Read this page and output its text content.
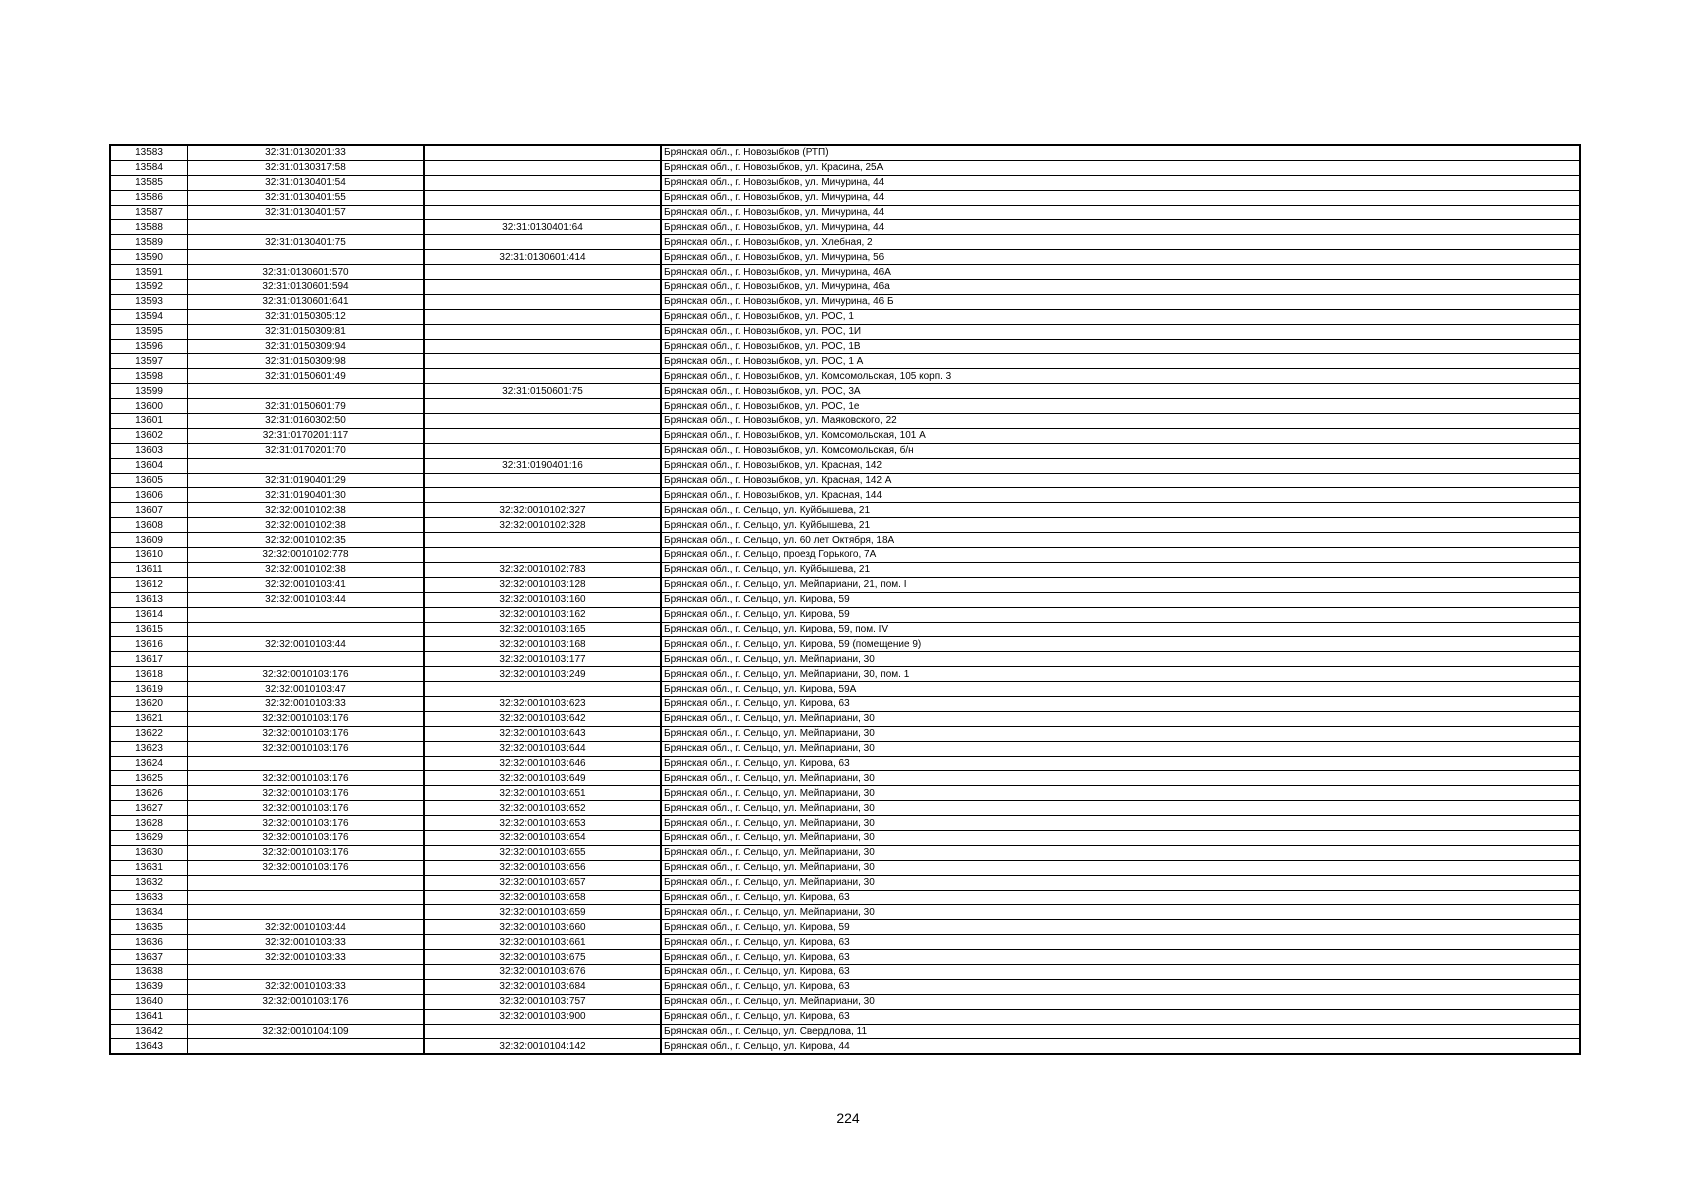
13583	32:31:0130201:33		Брянская обл., г. Новозыбков (РТП)
13584	32:31:0130317:58		Брянская обл., г. Новозыбков, ул. Красина, 25А
13585	32:31:0130401:54		Брянская обл., г. Новозыбков, ул. Мичурина, 44
13586	32:31:0130401:55		Брянская обл., г. Новозыбков, ул. Мичурина, 44
13587	32:31:0130401:57		Брянская обл., г. Новозыбков, ул. Мичурина, 44
13588		32:31:0130401:64	Брянская обл., г. Новозыбков, ул. Мичурина, 44
13589	32:31:0130401:75		Брянская обл., г. Новозыбков, ул. Хлебная, 2
13590		32:31:0130601:414	Брянская обл., г. Новозыбков, ул. Мичурина, 56
13591	32:31:0130601:570		Брянская обл., г. Новозыбков, ул. Мичурина, 46А
13592	32:31:0130601:594		Брянская обл., г. Новозыбков, ул. Мичурина, 46а
13593	32:31:0130601:641		Брянская обл., г. Новозыбков, ул. Мичурина, 46 Б
13594	32:31:0150305:12		Брянская обл., г. Новозыбков, ул. РОС, 1
13595	32:31:0150309:81		Брянская обл., г. Новозыбков, ул. РОС, 1И
13596	32:31:0150309:94		Брянская обл., г. Новозыбков, ул. РОС, 1В
13597	32:31:0150309:98		Брянская обл., г. Новозыбков, ул. РОС, 1 А
13598	32:31:0150601:49		Брянская обл., г. Новозыбков, ул. Комсомольская, 105 корп. 3
13599		32:31:0150601:75	Брянская обл., г. Новозыбков, ул. РОС, 3А
13600	32:31:0150601:79		Брянская обл., г. Новозыбков, ул. РОС, 1е
13601	32:31:0160302:50		Брянская обл., г. Новозыбков, ул. Маяковского, 22
13602	32:31:0170201:117		Брянская обл., г. Новозыбков, ул. Комсомольская, 101 А
13603	32:31:0170201:70		Брянская обл., г. Новозыбков, ул. Комсомольская, б/н
13604		32:31:0190401:16	Брянская обл., г. Новозыбков, ул. Красная, 142
13605	32:31:0190401:29		Брянская обл., г. Новозыбков, ул. Красная, 142 А
13606	32:31:0190401:30		Брянская обл., г. Новозыбков, ул. Красная, 144
13607	32:32:0010102:38	32:32:0010102:327	Брянская обл., г. Сельцо, ул. Куйбышева, 21
13608	32:32:0010102:38	32:32:0010102:328	Брянская обл., г. Сельцо, ул. Куйбышева, 21
13609	32:32:0010102:35		Брянская обл., г. Сельцо, ул. 60 лет Октября, 18А
13610	32:32:0010102:778		Брянская обл., г. Сельцо, проезд Горького, 7А
13611	32:32:0010102:38	32:32:0010102:783	Брянская обл., г. Сельцо, ул. Куйбышева, 21
13612	32:32:0010103:41	32:32:0010103:128	Брянская обл., г. Сельцо, ул. Мейпариани, 21, пом. I
13613	32:32:0010103:44	32:32:0010103:160	Брянская обл., г. Сельцо, ул. Кирова, 59
13614		32:32:0010103:162	Брянская обл., г. Сельцо, ул. Кирова, 59
13615		32:32:0010103:165	Брянская обл., г. Сельцо, ул. Кирова, 59, пом. IV
13616	32:32:0010103:44	32:32:0010103:168	Брянская обл., г. Сельцо, ул. Кирова, 59 (помещение 9)
13617		32:32:0010103:177	Брянская обл., г. Сельцо, ул. Мейпариани, 30
13618	32:32:0010103:176	32:32:0010103:249	Брянская обл., г. Сельцо, ул. Мейпариани, 30, пом. 1
13619	32:32:0010103:47		Брянская обл., г. Сельцо, ул. Кирова, 59А
13620	32:32:0010103:33	32:32:0010103:623	Брянская обл., г. Сельцо, ул. Кирова, 63
13621	32:32:0010103:176	32:32:0010103:642	Брянская обл., г. Сельцо, ул. Мейпариани, 30
13622	32:32:0010103:176	32:32:0010103:643	Брянская обл., г. Сельцо, ул. Мейпариани, 30
13623	32:32:0010103:176	32:32:0010103:644	Брянская обл., г. Сельцо, ул. Мейпариани, 30
13624		32:32:0010103:646	Брянская обл., г. Сельцо, ул. Кирова, 63
13625	32:32:0010103:176	32:32:0010103:649	Брянская обл., г. Сельцо, ул. Мейпариани, 30
13626	32:32:0010103:176	32:32:0010103:651	Брянская обл., г. Сельцо, ул. Мейпариани, 30
13627	32:32:0010103:176	32:32:0010103:652	Брянская обл., г. Сельцо, ул. Мейпариани, 30
13628	32:32:0010103:176	32:32:0010103:653	Брянская обл., г. Сельцо, ул. Мейпариани, 30
13629	32:32:0010103:176	32:32:0010103:654	Брянская обл., г. Сельцо, ул. Мейпариани, 30
13630	32:32:0010103:176	32:32:0010103:655	Брянская обл., г. Сельцо, ул. Мейпариани, 30
13631	32:32:0010103:176	32:32:0010103:656	Брянская обл., г. Сельцо, ул. Мейпариани, 30
13632		32:32:0010103:657	Брянская обл., г. Сельцо, ул. Мейпариани, 30
13633		32:32:0010103:658	Брянская обл., г. Сельцо, ул. Кирова, 63
13634		32:32:0010103:659	Брянская обл., г. Сельцо, ул. Мейпариани, 30
13635	32:32:0010103:44	32:32:0010103:660	Брянская обл., г. Сельцо, ул. Кирова, 59
13636	32:32:0010103:33	32:32:0010103:661	Брянская обл., г. Сельцо, ул. Кирова, 63
13637	32:32:0010103:33	32:32:0010103:675	Брянская обл., г. Сельцо, ул. Кирова, 63
13638		32:32:0010103:676	Брянская обл., г. Сельцо, ул. Кирова, 63
13639	32:32:0010103:33	32:32:0010103:684	Брянская обл., г. Сельцо, ул. Кирова, 63
13640	32:32:0010103:176	32:32:0010103:757	Брянская обл., г. Сельцо, ул. Мейпариани, 30
13641		32:32:0010103:900	Брянская обл., г. Сельцо, ул. Кирова, 63
13642	32:32:0010104:109		Брянская обл., г. Сельцо, ул. Свердлова, 11
13643		32:32:0010104:142	Брянская обл., г. Сельцо, ул. Кирова, 44
224
